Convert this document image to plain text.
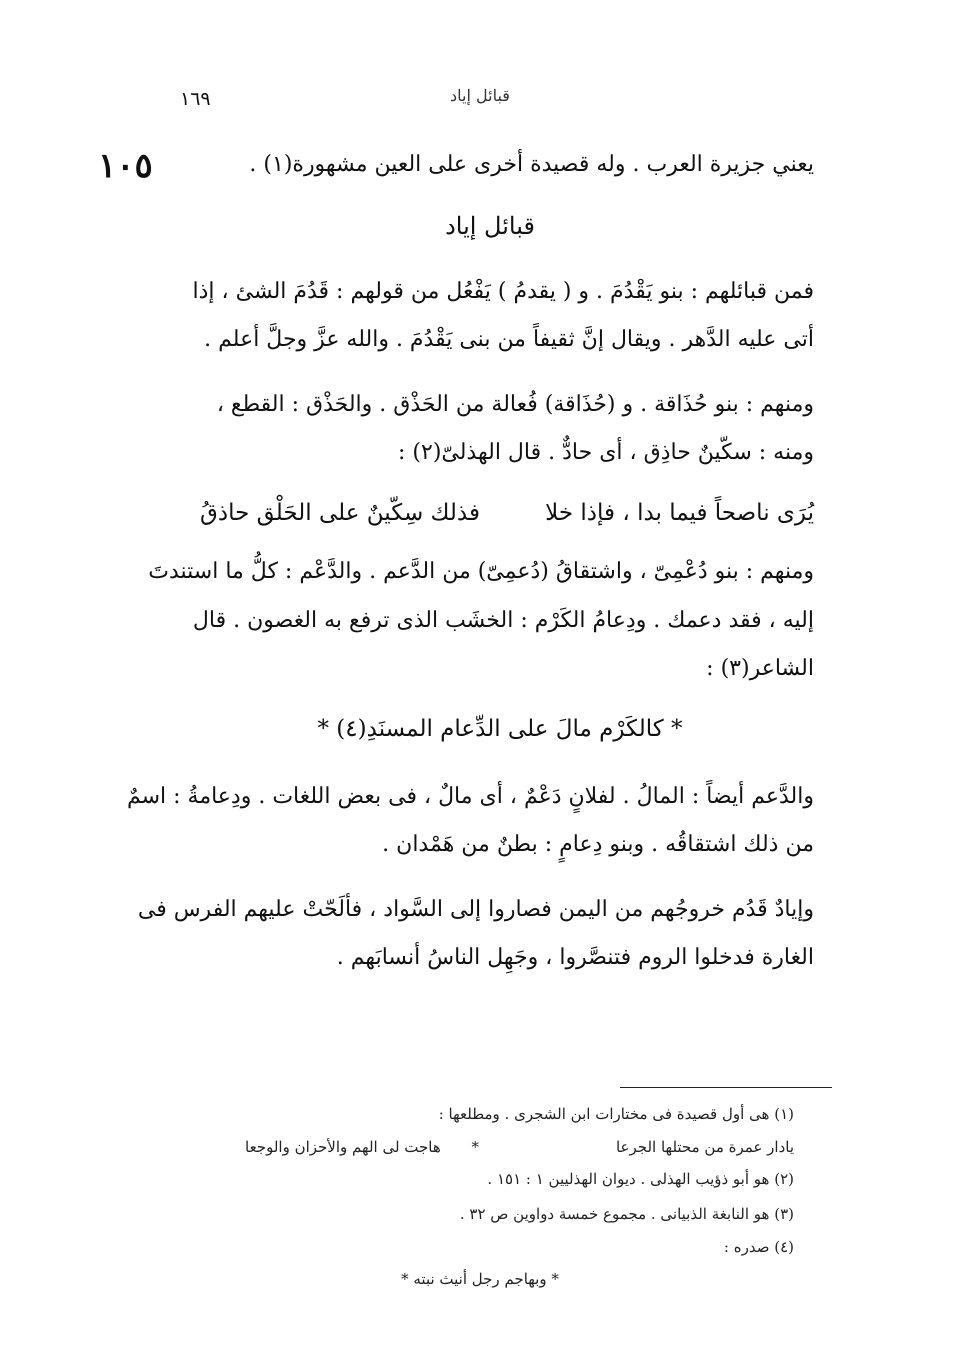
١٦٩	قبائل إياد
١٠٥	يعني جزيرة العرب . وله قصيدة أخرى على العين مشهورة(١) .
قبائل إياد
فمن قبائلهم : بنو يَقْدُمَ . و ( يقدمُ ) يَفْعُل من قولهم : قَدُمَ الشئ ، إذا
أتى عليه الدَّهر . ويقال إنَّ ثقيفاً من بنى يَقْدُمَ . والله عزَّ وجلَّ أعلم .
ومنهم : بنو حُذَاقة . و (حُذَاقة) فُعالة من الحَذْق . والحَذْق : القطع ،
ومنه : سكّينٌ حاذِق ، أى حادٌّ . قال الهذلىّ(٢) :
يُرَى ناصحاً فيما بدا ، فإذا خلا
فذلك سِكّينٌ على الحَلْق حاذقُ
ومنهم : بنو دُعْمِىّ ، واشتقاقُ (دُعمِىّ) من الدَّعم . والدَّعْم : كلُّ ما استندتَ
إليه ، فقد دعمك . ودِعامُ الكَرْم : الخشَب الذى ترفع به الغصون . قال
الشاعر(٣) :
* كالكَرْم مالَ على الدِّعام المسنَدِ(٤) *
والدَّعم أيضاً : المالُ . لفلانٍ دَعْمٌ ، أى مالٌ ، فى بعض اللغات . ودِعامةُ : اسمٌ
من ذلك اشتقاقُه . وبنو دِعامٍ : بطنٌ من هَمْدان .
وإيادٌ قَدُم خروجُهم من اليمن فصاروا إلى السَّواد ، فألَحّتْ عليهم الفرس فى
الغارة فدخلوا الروم فتنصَّروا ، وجَهِل الناسُ أنسابَهم .
(١) هى أول قصيدة فى مختارات ابن الشجرى . ومطلعها :
يادار عمرة من محتلها الجرعا
*
هاجت لى الهم والأحزان والوجعا
(٢) هو أبو ذؤيب الهذلى . ديوان الهذليين ١ : ١٥١ .
(٣) هو النابغة الذبيانى . مجموع خمسة دواوين ص ٣٢ .
(٤) صدره :
* وبهاجم رجل أنيث نبته *
